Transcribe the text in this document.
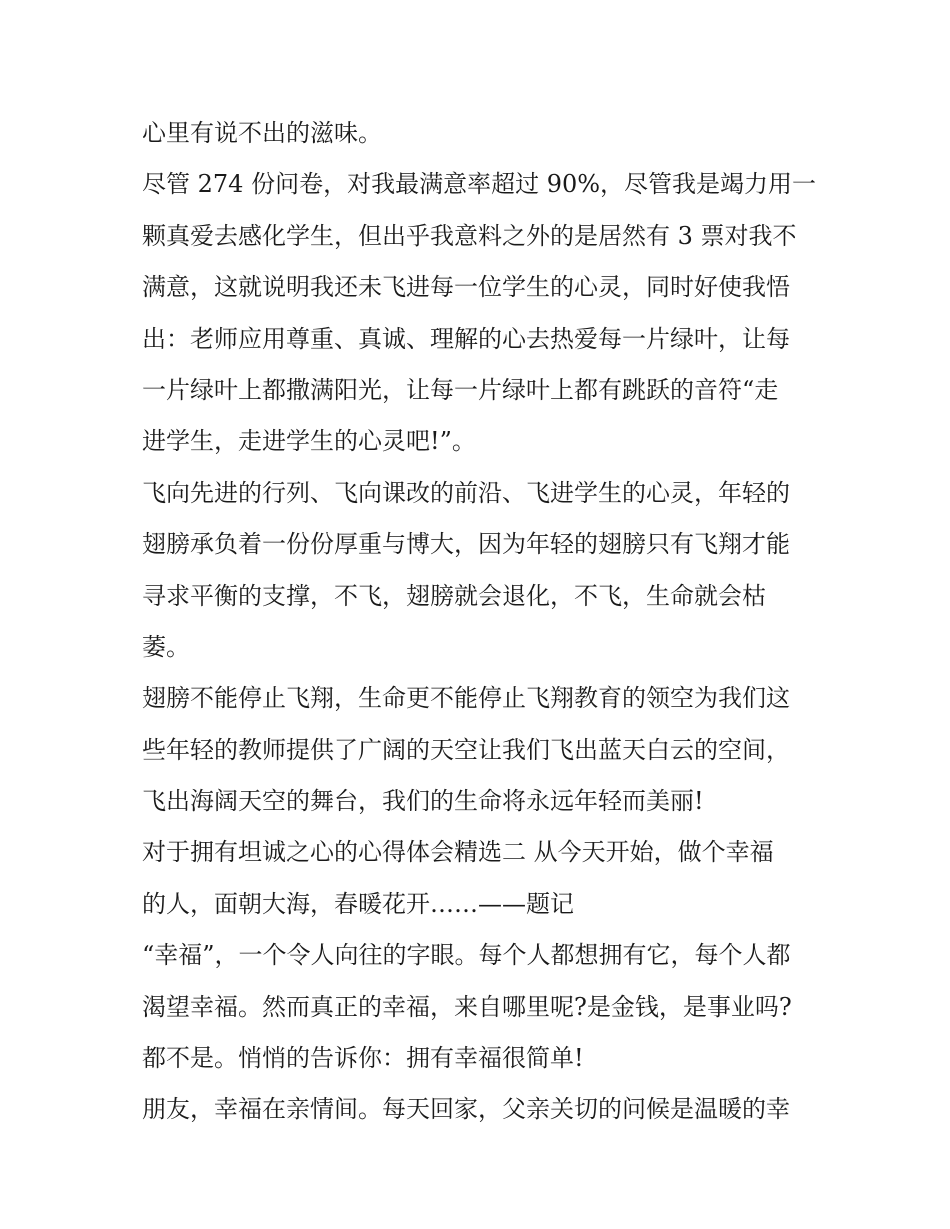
心里有说不出的滋味。
尽管 274 份问卷，对我最满意率超过 90%，尽管我是竭力用一
颗真爱去感化学生，但出乎我意料之外的是居然有 3 票对我不
满意，这就说明我还未飞进每一位学生的心灵，同时好使我悟
出：老师应用尊重、真诚、理解的心去热爱每一片绿叶，让每
一片绿叶上都撒满阳光，让每一片绿叶上都有跳跃的音符“走
进学生，走进学生的心灵吧!”。
飞向先进的行列、飞向课改的前沿、飞进学生的心灵，年轻的
翅膀承负着一份份厚重与博大，因为年轻的翅膀只有飞翔才能
寻求平衡的支撑，不飞，翅膀就会退化，不飞，生命就会枯
萎。
翅膀不能停止飞翔，生命更不能停止飞翔教育的领空为我们这
些年轻的教师提供了广阔的天空让我们飞出蓝天白云的空间，
飞出海阔天空的舞台，我们的生命将永远年轻而美丽!
对于拥有坦诚之心的心得体会精选二 从今天开始，做个幸福
的人，面朝大海，春暖花开……——题记
“幸福”，一个令人向往的字眼。每个人都想拥有它，每个人都
渴望幸福。然而真正的幸福，来自哪里呢?是金钱，是事业吗?
都不是。悄悄的告诉你：拥有幸福很简单!
朋友，幸福在亲情间。每天回家，父亲关切的问候是温暖的幸
